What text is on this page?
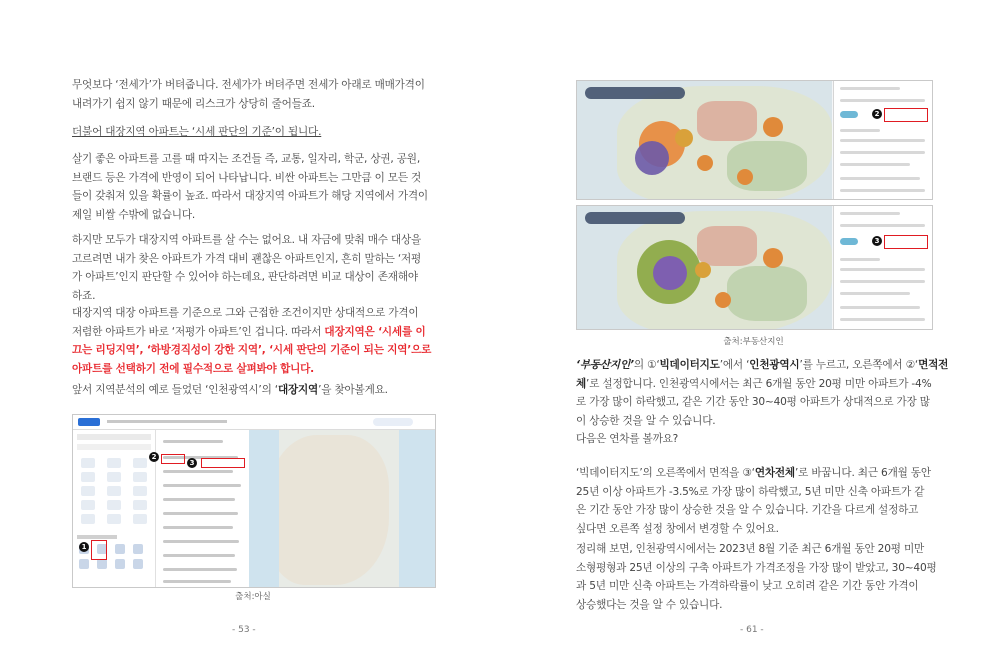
무엇보다 ‘전세가’가 버텨줍니다. 전세가가 버텨주면 전세가 아래로 매매가격이

내려가기 쉽지 않기 때문에 리스크가 상당히 줄어들죠.

더불어 대장지역 아파트는 ‘시세 판단의 기준’이 됩니다.

살기 좋은 아파트를 고를 때 따지는 조건들 즉, 교통, 일자리, 학군, 상권, 공원,

브랜드 등은 가격에 반영이 되어 나타납니다. 비싼 아파트는 그만큼 이 모든 것

들이 갖춰져 있을 확률이 높죠. 따라서 대장지역 아파트가 해당 지역에서 가격이

제일 비쌀 수밖에 없습니다.

하지만 모두가 대장지역 아파트를 살 수는 없어요. 내 자금에 맞춰 매수 대상을

고르려면 내가 찾은 아파트가 가격 대비 괜찮은 아파트인지, 흔히 말하는 ‘저평

가 아파트’인지 판단할 수 있어야 하는데요, 판단하려면 비교 대상이 존재해야

하죠.

대장지역 대장 아파트를 기준으로 그와 근접한 조건이지만 상대적으로 가격이

저렴한 아파트가 바로 ‘저평가 아파트’인 겁니다. 따라서 대장지역은 ‘시세를 이

끄는 리딩지역’, ‘하방경직성이 강한 지역’, ‘시세 판단의 기준이 되는 지역’으로

아파트를 선택하기 전에 필수적으로 살펴봐야 합니다.

앞서 지역분석의 예로 들었던 ‘인천광역시’의 ‘대장지역’을 찾아볼게요.

1
2
3
출처:아실
- 53 -
2
3
출처:부동산지인

‘부동산지인’의 ①‘빅데이터지도’에서 ‘인천광역시’를 누르고, 오른쪽에서 ②‘면적전

체’로 설정합니다. 인천광역시에서는 최근 6개월 동안 20평 미만 아파트가 -4%

로 가장 많이 하락했고, 같은 기간 동안 30~40평 아파트가 상대적으로 가장 많

이 상승한 것을 알 수 있습니다.

다음은 연차를 볼까요?

‘빅데이터지도’의 오른쪽에서 면적을 ③‘연차전체’로 바꿉니다. 최근 6개월 동안

25년 이상 아파트가 -3.5%로 가장 많이 하락했고, 5년 미만 신축 아파트가 같

은 기간 동안 가장 많이 상승한 것을 알 수 있습니다. 기간을 다르게 설정하고

싶다면 오른쪽 설정 창에서 변경할 수 있어요.

정리해 보면, 인천광역시에서는 2023년 8월 기준 최근 6개월 동안 20평 미만

소형평형과 25년 이상의 구축 아파트가 가격조정을 가장 많이 받았고, 30~40평

과 5년 미만 신축 아파트는 가격하락률이 낮고 오히려 같은 기간 동안 가격이

상승했다는 것을 알 수 있습니다.

- 61 -
